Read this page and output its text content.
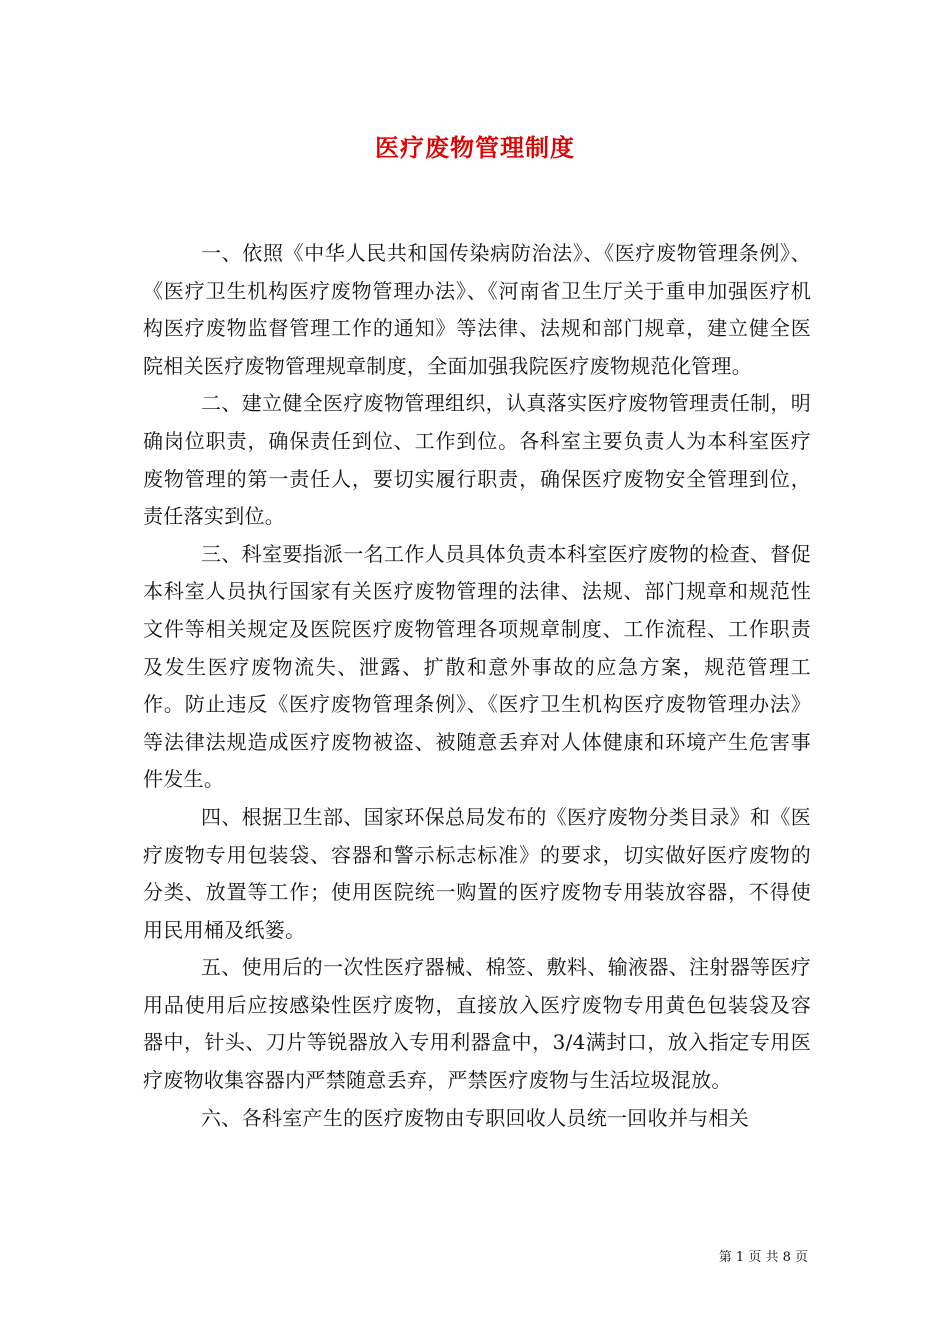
医疗废物管理制度

一、依照《中华人民共和国传染病防治法》、《医疗废物管理条例》、《医疗卫生机构医疗废物管理办法》、《河南省卫生厅关于重申加强医疗机构医疗废物监督管理工作的通知》等法律、法规和部门规章，建立健全医院相关医疗废物管理规章制度，全面加强我院医疗废物规范化管理。

二、建立健全医疗废物管理组织，认真落实医疗废物管理责任制，明确岗位职责，确保责任到位、工作到位。各科室主要负责人为本科室医疗废物管理的第一责任人，要切实履行职责，确保医疗废物安全管理到位，责任落实到位。

三、科室要指派一名工作人员具体负责本科室医疗废物的检查、督促本科室人员执行国家有关医疗废物管理的法律、法规、部门规章和规范性文件等相关规定及医院医疗废物管理各项规章制度、工作流程、工作职责及发生医疗废物流失、泄露、扩散和意外事故的应急方案，规范管理工作。防止违反《医疗废物管理条例》、《医疗卫生机构医疗废物管理办法》等法律法规造成医疗废物被盗、被随意丢弃对人体健康和环境产生危害事件发生。

四、根据卫生部、国家环保总局发布的《医疗废物分类目录》和《医疗废物专用包装袋、容器和警示标志标准》的要求，切实做好医疗废物的分类、放置等工作；使用医院统一购置的医疗废物专用装放容器，不得使用民用桶及纸篓。

五、使用后的一次性医疗器械、棉签、敷料、输液器、注射器等医疗用品使用后应按感染性医疗废物，直接放入医疗废物专用黄色包装袋及容器中，针头、刀片等锐器放入专用利器盒中，3/4满封口，放入指定专用医疗废物收集容器内严禁随意丢弃，严禁医疗废物与生活垃圾混放。

六、各科室产生的医疗废物由专职回收人员统一回收并与相关

第 1 页 共 8 页
